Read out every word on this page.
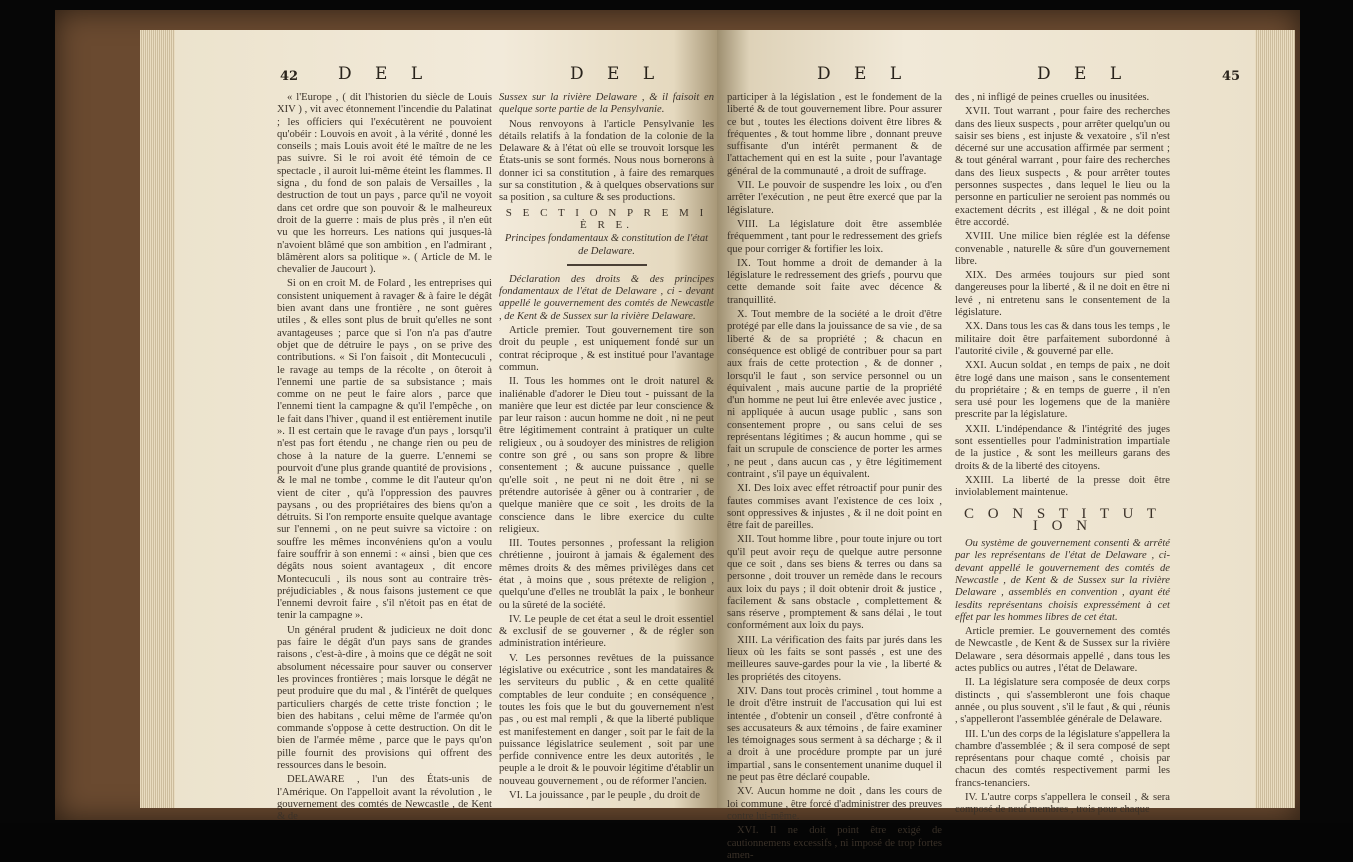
42 D E L	D E L

« l'Europe , ( dit l'historien du siècle de Louis XIV ) , vit avec étonnement l'incendie du Palatinat ; les officiers qui l'exécutèrent ne pouvoient qu'obéir : Louvois en avoit , à la vérité , donné les conseils ; mais Louis avoit été le maître de ne les pas suivre. Si le roi avoit été témoin de ce spectacle , il auroit lui-même éteint les flammes. Il signa , du fond de son palais de Versailles , la destruction de tout un pays , parce qu'il ne voyoit dans cet ordre que son pouvoir & le malheureux droit de la guerre : mais de plus près , il n'en eût vu que les horreurs. Les nations qui jusques-là n'avoient blâmé que son ambition , en l'admirant , blâmèrent alors sa politique ». ( Article de M. le chevalier de Jaucourt ).

Si on en croit M. de Folard , les entreprises qui consistent uniquement à ravager & à faire le dégât bien avant dans une frontière , ne sont guères utiles , & elles sont plus de bruit qu'elles ne sont avantageuses ; parce que si l'on n'a pas d'autre objet que de détruire le pays , on se prive des contributions. « Si l'on faisoit , dit Montecuculi , le ravage au temps de la récolte , on ôteroit à l'ennemi une partie de sa subsistance ; mais comme on ne peut le faire alors , parce que l'ennemi tient la campagne & qu'il l'empêche , on le fait dans l'hiver , quand il est entièrement inutile ». Il est certain que le ravage d'un pays , lorsqu'il n'est pas fort étendu , ne change rien ou peu de chose à la nature de la guerre. L'ennemi se pourvoit d'une plus grande quantité de provisions , & le mal ne tombe , comme le dit l'auteur qu'on vient de citer , qu'à l'oppression des pauvres paysans , ou des propriétaires des biens qu'on a détruits. Si l'on remporte ensuite quelque avantage sur l'ennemi , on ne peut suivre sa victoire : on souffre les mêmes inconvéniens qu'on a voulu faire souffrir à son ennemi : « ainsi , bien que ces dégâts nous soient avantageux , dit encore Montecuculi , ils nous sont au contraire très-préjudiciables , & nous faisons justement ce que l'ennemi devroit faire , s'il n'étoit pas en état de tenir la campagne ».

Un général prudent & judicieux ne doit donc pas faire le dégât d'un pays sans de grandes raisons , c'est-à-dire , à moins que ce dégât ne soit absolument nécessaire pour sauver ou conserver les provinces frontières ; mais lorsque le dégât ne peut produire que du mal , & l'intérêt de quelques particuliers chargés de cette triste fonction ; le bien des habitans , celui même de l'armée qu'on commande s'oppose à cette destruction. On dit le bien de l'armée même , parce que le pays qu'on pille fournit des provisions qui offrent des ressources dans le besoin.

DELAWARE , l'un des États-unis de l'Amérique. On l'appelloit avant la révolution , le gouvernement des comtés de Newcastle , de Kent & de

Sussex sur la rivière Delaware , & il faisoit en quelque sorte partie de la Pensylvanie.

Nous renvoyons à l'article Pensylvanie les détails relatifs à la fondation de la colonie de la Delaware & à l'état où elle se trouvoit lorsque les États-unis se sont formés. Nous nous bornerons à donner ici sa constitution , à faire des remarques sur sa constitution , & à quelques observations sur sa position , sa culture & ses productions.

S E C T I O N P R E M I È R E.

Principes fondamentaux & constitution de l'état de Delaware.

Déclaration des droits & des principes fondamentaux de l'état de Delaware , ci - devant appellé le gouvernement des comtés de Newcastle , de Kent & de Sussex sur la rivière Delaware.

Article premier. Tout gouvernement tire son droit du peuple , est uniquement fondé sur un contrat réciproque , & est institué pour l'avantage commun.

II. Tous les hommes ont le droit naturel & inaliénable d'adorer le Dieu tout - puissant de la manière que leur est dictée par leur conscience & par leur raison : aucun homme ne doit , ni ne peut être légitimement contraint à pratiquer un culte religieux , ou à soudoyer des ministres de religion contre son gré , ou sans son propre & libre consentement ; & aucune puissance , quelle qu'elle soit , ne peut ni ne doit être , ni se prétendre autorisée à gêner ou à contrarier , de quelque manière que ce soit , les droits de la conscience dans le libre exercice du culte religieux.

III. Toutes personnes , professant la religion chrétienne , jouiront à jamais & également des mêmes droits & des mêmes privilèges dans cet état , à moins que , sous prétexte de religion , quelqu'une d'elles ne troublât la paix , le bonheur ou la sûreté de la société.

IV. Le peuple de cet état a seul le droit essentiel & exclusif de se gouverner , & de régler son administration intérieure.

V. Les personnes revêtues de la puissance législative ou exécutrice , sont les mandataires & les serviteurs du public , & en cette qualité comptables de leur conduite ; en conséquence , toutes les fois que le but du gouvernement n'est pas , ou est mal rempli , & que la liberté publique est manifestement en danger , soit par le fait de la puissance législatrice seulement , soit par une perfide connivence entre les deux autorités , le peuple a le droit & le pouvoir légitime d'établir un nouveau gouvernement , ou de réformer l'ancien.

VI. La jouissance , par le peuple , du droit de

D E L	D E L	45

participer à la législation , est le fondement de la liberté & de tout gouvernement libre. Pour assurer ce but , toutes les élections doivent être libres & fréquentes , & tout homme libre , donnant preuve suffisante d'un intérêt permanent & de l'attachement qui en est la suite , pour l'avantage général de la communauté , a droit de suffrage.

VII. Le pouvoir de suspendre les loix , ou d'en arrêter l'exécution , ne peut être exercé que par la législature.

VIII. La législature doit être assemblée fréquemment , tant pour le redressement des griefs que pour corriger & fortifier les loix.

IX. Tout homme a droit de demander à la législature le redressement des griefs , pourvu que cette demande soit faite avec décence & tranquillité.

X. Tout membre de la société a le droit d'être protégé par elle dans la jouissance de sa vie , de sa liberté & de sa propriété ; & chacun en conséquence est obligé de contribuer pour sa part aux frais de cette protection , & de donner , lorsqu'il le faut , son service personnel ou un équivalent , mais aucune partie de la propriété d'un homme ne peut lui être enlevée avec justice , ni appliquée à aucun usage public , sans son consentement propre , ou sans celui de ses représentans légitimes ; & aucun homme , qui se fait un scrupule de conscience de porter les armes , ne peut , dans aucun cas , y être légitimement contraint , s'il paye un équivalent.

XI. Des loix avec effet rétroactif pour punir des fautes commises avant l'existence de ces loix , sont oppressives & injustes , & il ne doit point en être fait de pareilles.

XII. Tout homme libre , pour toute injure ou tort qu'il peut avoir reçu de quelque autre personne que ce soit , dans ses biens & terres ou dans sa personne , doit trouver un remède dans le recours aux loix du pays ; il doit obtenir droit & justice , facilement & sans obstacle , complettement & sans réserve , promptement & sans délai , le tout conformément aux loix du pays.

XIII. La vérification des faits par jurés dans les lieux où les faits se sont passés , est une des meilleures sauve-gardes pour la vie , la liberté & les propriétés des citoyens.

XIV. Dans tout procès criminel , tout homme a le droit d'être instruit de l'accusation qui lui est intentée , d'obtenir un conseil , d'être confronté à ses accusateurs & aux témoins , de faire examiner les témoignages sous serment à sa décharge ; & il a droit à une procédure prompte par un juré impartial , sans le consentement unanime duquel il ne peut pas être déclaré coupable.

XV. Aucun homme ne doit , dans les cours de loi commune , être forcé d'administrer des preuves contre lui-même.

XVI. Il ne doit point être exigé de cautionnemens excessifs , ni imposé de trop fortes amen-

des , ni infligé de peines cruelles ou inusitées.

XVII. Tout warrant , pour faire des recherches dans des lieux suspects , pour arrêter quelqu'un ou saisir ses biens , est injuste & vexatoire , s'il n'est décerné sur une accusation affirmée par serment ; & tout général warrant , pour faire des recherches dans des lieux suspects , & pour arrêter toutes personnes suspectes , dans lequel le lieu ou la personne en particulier ne seroient pas nommés ou exactement décrits , est illégal , & ne doit point être accordé.

XVIII. Une milice bien réglée est la défense convenable , naturelle & sûre d'un gouvernement libre.

XIX. Des armées toujours sur pied sont dangereuses pour la liberté , & il ne doit en être ni levé , ni entretenu sans le consentement de la législature.

XX. Dans tous les cas & dans tous les temps , le militaire doit être parfaitement subordonné à l'autorité civile , & gouverné par elle.

XXI. Aucun soldat , en temps de paix , ne doit être logé dans une maison , sans le consentement du propriétaire ; & en temps de guerre , il n'en sera usé pour les logemens que de la manière prescrite par la législature.

XXII. L'indépendance & l'intégrité des juges sont essentielles pour l'administration impartiale de la justice , & sont les meilleurs garans des droits & de la liberté des citoyens.

XXIII. La liberté de la presse doit être inviolablement maintenue.

C O N S T I T U T I O N

Ou système de gouvernement consenti & arrêté par les représentans de l'état de Delaware , ci-devant appellé le gouvernement des comtés de Newcastle , de Kent & de Sussex sur la rivière Delaware , assemblés en convention , ayant été lesdits représentans choisis expressément à cet effet par les hommes libres de cet état.

Article premier. Le gouvernement des comtés de Newcastle , de Kent & de Sussex sur la rivière Delaware , sera désormais appellé , dans tous les actes publics ou autres , l'état de Delaware.

II. La législature sera composée de deux corps distincts , qui s'assembleront une fois chaque année , ou plus souvent , s'il le faut , & qui , réunis , s'appelleront l'assemblée générale de Delaware.

III. L'un des corps de la législature s'appellera la chambre d'assemblée ; & il sera composé de sept représentans pour chaque comté , choisis par chacun des comtés respectivement parmi les francs-tenanciers.

IV. L'autre corps s'appellera le conseil , & sera composé de neuf membres , trois pour chaque
